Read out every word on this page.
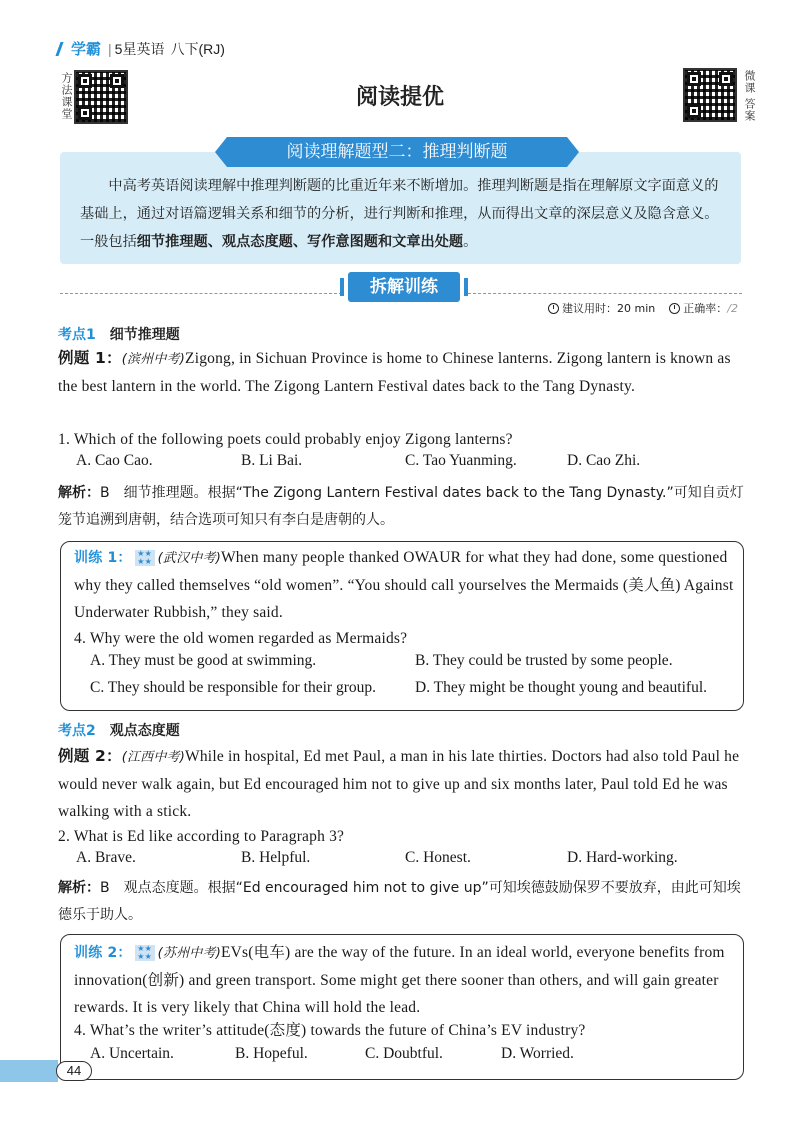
学霸 | 5星英语 八下(RJ)
方法课堂	阅读提优	微课 答案
阅读理解题型二：推理判断题
中高考英语阅读理解中推理判断题的比重近年来不断增加。推理判断题是指在理解原文字面意义的基础上，通过对语篇逻辑关系和细节的分析，进行判断和推理，从而得出文章的深层意义及隐含意义。一般包括细节推理题、观点态度题、写作意图题和文章出处题。
拆解训练
建议用时：20 min	正确率：/2
考点1 细节推理题
例题 1：(滨州中考)Zigong, in Sichuan Province is home to Chinese lanterns. Zigong lantern is known as the best lantern in the world. The Zigong Lantern Festival dates back to the Tang Dynasty.
1. Which of the following poets could probably enjoy Zigong lanterns?
A. Cao Cao.	B. Li Bai.	C. Tao Yuanming.	D. Cao Zhi.
解析：B　细节推理题。根据“The Zigong Lantern Festival dates back to the Tang Dynasty.”可知自贡灯笼节追溯到唐朝，结合选项可知只有李白是唐朝的人。
训练 1： ★★
★★ (武汉中考)When many people thanked OWAUR for what they had done, some questioned why they called themselves “old women”. “You should call yourselves the Mermaids (美人鱼) Against Underwater Rubbish,” they said.
4. Why were the old women regarded as Mermaids?
A. They must be good at swimming.	B. They could be trusted by some people.
C. They should be responsible for their group.	D. They might be thought young and beautiful.
考点2 观点态度题
例题 2：(江西中考)While in hospital, Ed met Paul, a man in his late thirties. Doctors had also told Paul he would never walk again, but Ed encouraged him not to give up and six months later, Paul told Ed he was walking with a stick.
2. What is Ed like according to Paragraph 3?
A. Brave.	B. Helpful.	C. Honest.	D. Hard-working.
解析：B　观点态度题。根据“Ed encouraged him not to give up”可知埃德鼓励保罗不要放弃，由此可知埃德乐于助人。
训练 2： ★★
★★ (苏州中考)EVs(电车) are the way of the future. In an ideal world, everyone benefits from innovation(创新) and green transport. Some might get there sooner than others, and will gain greater rewards. It is very likely that China will hold the lead.
4. What’s the writer’s attitude(态度) towards the future of China’s EV industry?
A. Uncertain.	B. Hopeful.	C. Doubtful.	D. Worried.
44
